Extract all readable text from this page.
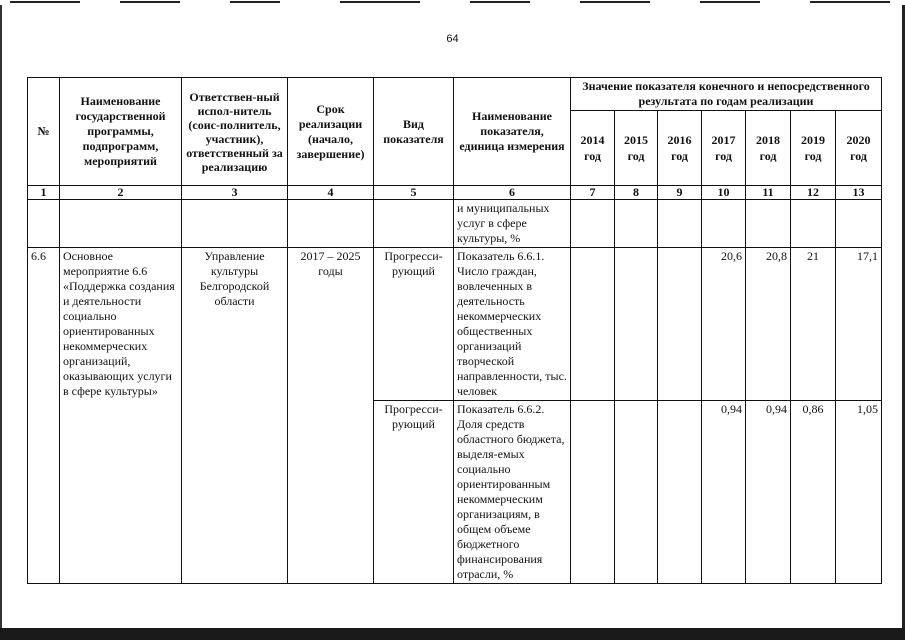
64
№	Наименование государственной программы, подпрограмм, мероприятий	Ответствен-ный испол-нитель (соис-полнитель, участник), ответственный за реализацию	Срок реализации (начало, завершение)	Вид показателя	Наименование показателя, единица измерения	Значение показателя конечного и непосредственного результата по годам реализации						
						2014 год	2015 год	2016 год	2017 год	2018 год	2019 год	2020 год
1	2	3	4	5	6	7	8	9	10	11	12	13
					и муниципальных услуг в сфере культуры, %							
6.6	Основное мероприятие 6.6 «Поддержка создания и деятельности социально ориентированных некоммерческих организаций, оказывающих услуги в сфере культуры»	Управление культуры Белгородской области	2017 – 2025 годы	Прогресси-рующий	Показатель 6.6.1. Число граждан, вовлеченных в деятельность некоммерческих общественных организаций творческой направленности, тыс. человек				20,6	20,8	21	17,1
				Прогресси-рующий	Показатель 6.6.2. Доля средств областного бюджета, выделя-емых социально ориентированным некоммерческим организациям, в общем объеме бюджетного финансирования отрасли, %				0,94	0,94	0,86	1,05
